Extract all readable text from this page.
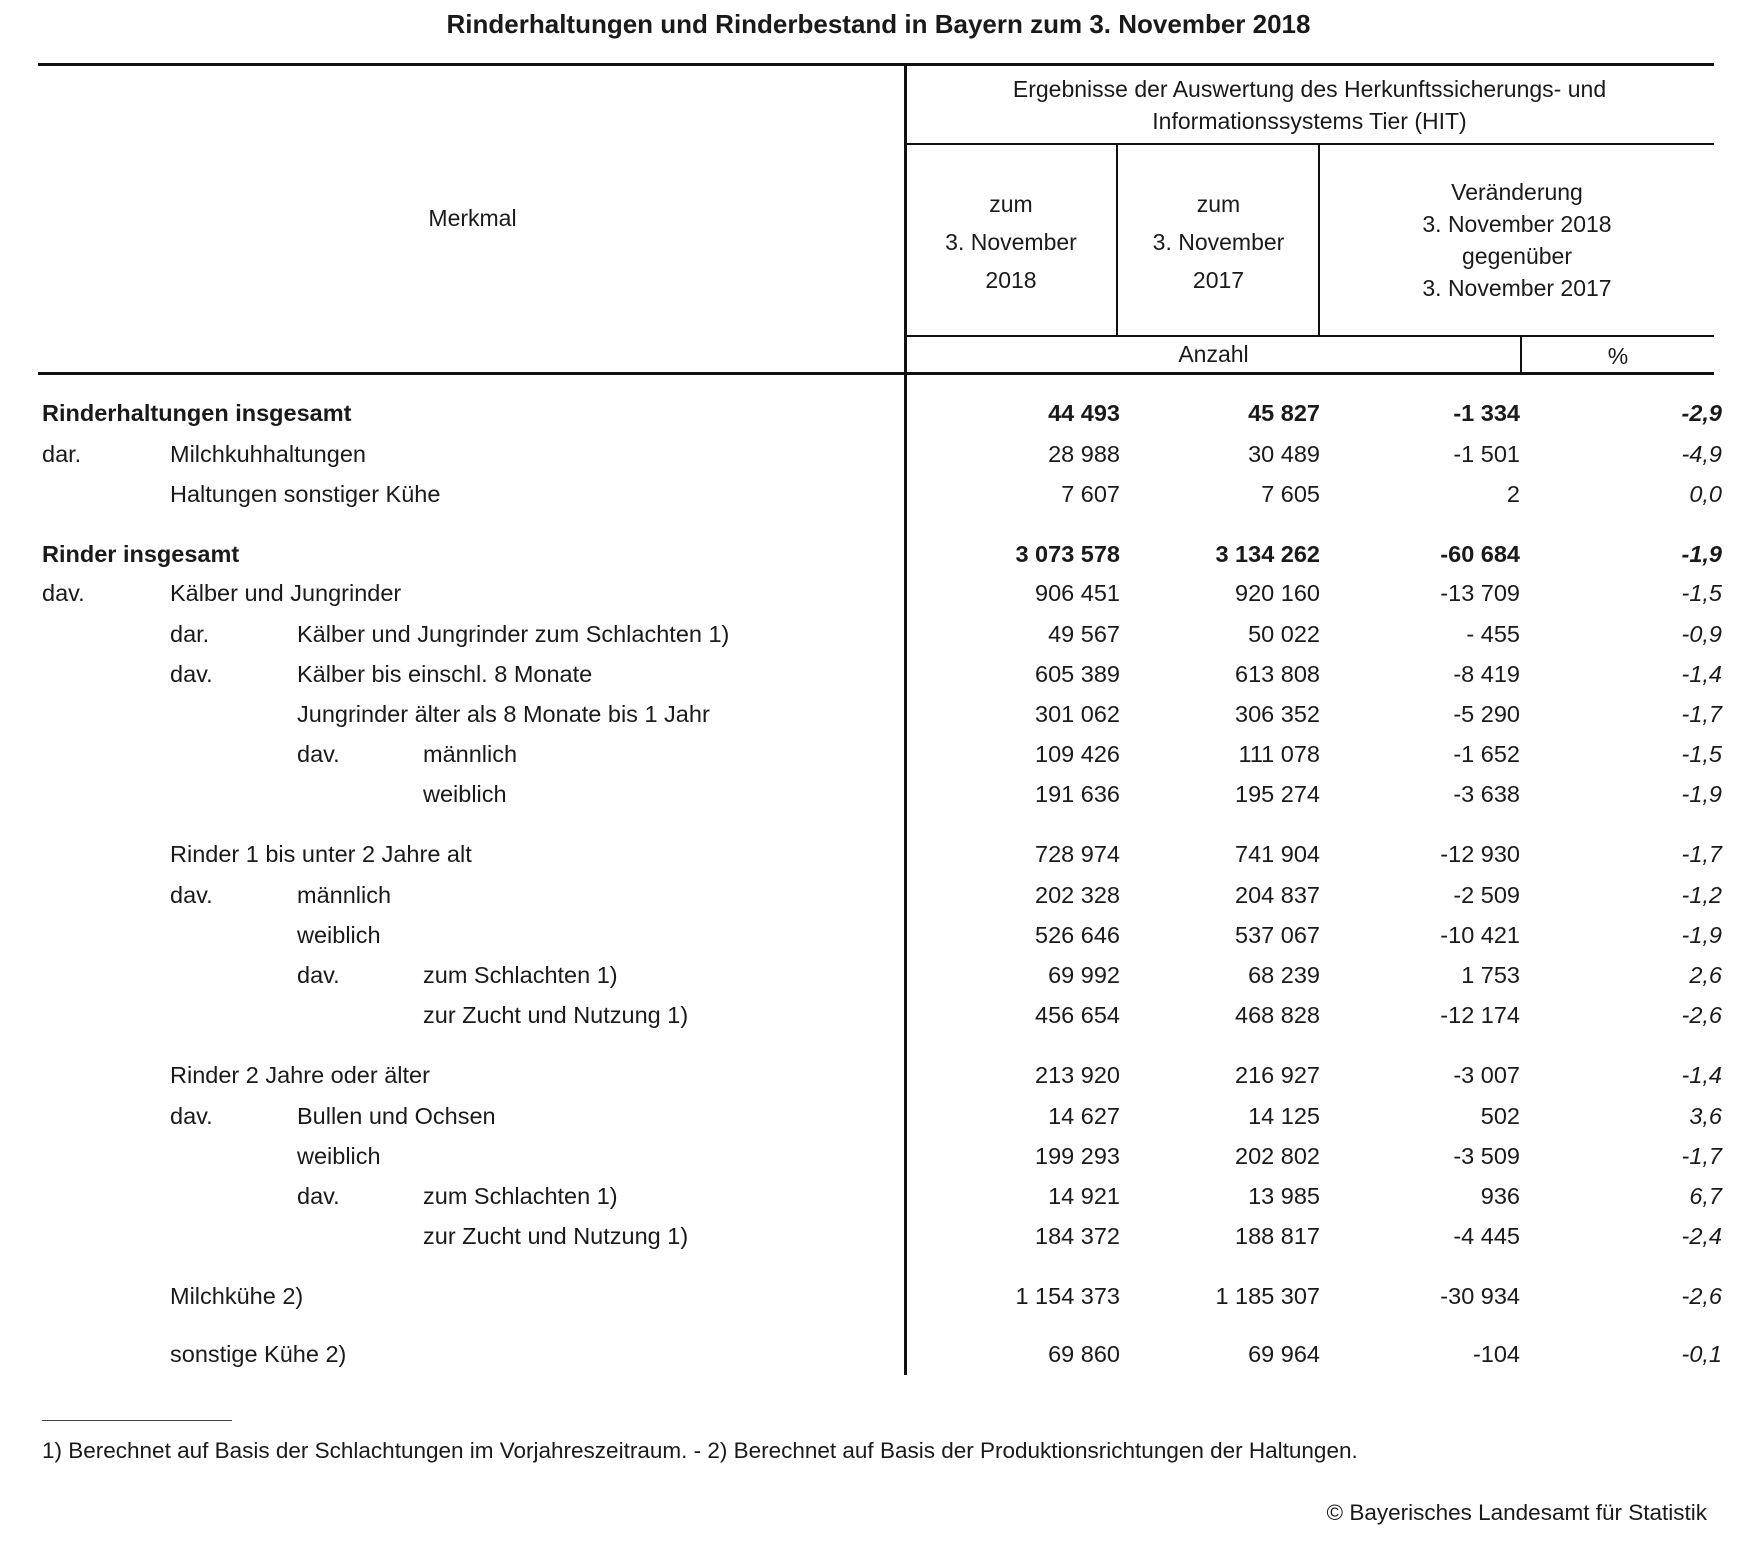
Rinderhaltungen und Rinderbestand in Bayern zum 3. November 2018
Merkmal
Ergebnisse der Auswertung des Herkunftssicherungs- und
Informationssystems Tier (HIT)
zum
3. November
2018
zum
3. November
2017
Veränderung
3. November 2018
gegenüber
3. November 2017
Anzahl	%
Rinderhaltungen insgesamt	44 493	45 827	-1 334	-2,9
dar.	Milchkuhhaltungen	28 988	30 489	-1 501	-4,9
Haltungen sonstiger Kühe	7 607	7 605	2	0,0
Rinder insgesamt	3 073 578	3 134 262	-60 684	-1,9
dav.	Kälber und Jungrinder	906 451	920 160	-13 709	-1,5
dar.	Kälber und Jungrinder zum Schlachten 1)	49 567	50 022	- 455	-0,9
dav.	Kälber bis einschl. 8 Monate	605 389	613 808	-8 419	-1,4
Jungrinder älter als 8 Monate bis 1 Jahr	301 062	306 352	-5 290	-1,7
dav.	männlich	109 426	111 078	-1 652	-1,5
weiblich	191 636	195 274	-3 638	-1,9
Rinder 1 bis unter 2 Jahre alt	728 974	741 904	-12 930	-1,7
dav.	männlich	202 328	204 837	-2 509	-1,2
weiblich	526 646	537 067	-10 421	-1,9
dav.	zum Schlachten 1)	69 992	68 239	1 753	2,6
zur Zucht und Nutzung 1)	456 654	468 828	-12 174	-2,6
Rinder 2 Jahre oder älter	213 920	216 927	-3 007	-1,4
dav.	Bullen und Ochsen	14 627	14 125	502	3,6
weiblich	199 293	202 802	-3 509	-1,7
dav.	zum Schlachten 1)	14 921	13 985	936	6,7
zur Zucht und Nutzung 1)	184 372	188 817	-4 445	-2,4
Milchkühe 2)	1 154 373	1 185 307	-30 934	-2,6
sonstige Kühe 2)	69 860	69 964	-104	-0,1
1) Berechnet auf Basis der Schlachtungen im Vorjahreszeitraum. - 2) Berechnet auf Basis der Produktionsrichtungen der Haltungen.
© Bayerisches Landesamt für Statistik
